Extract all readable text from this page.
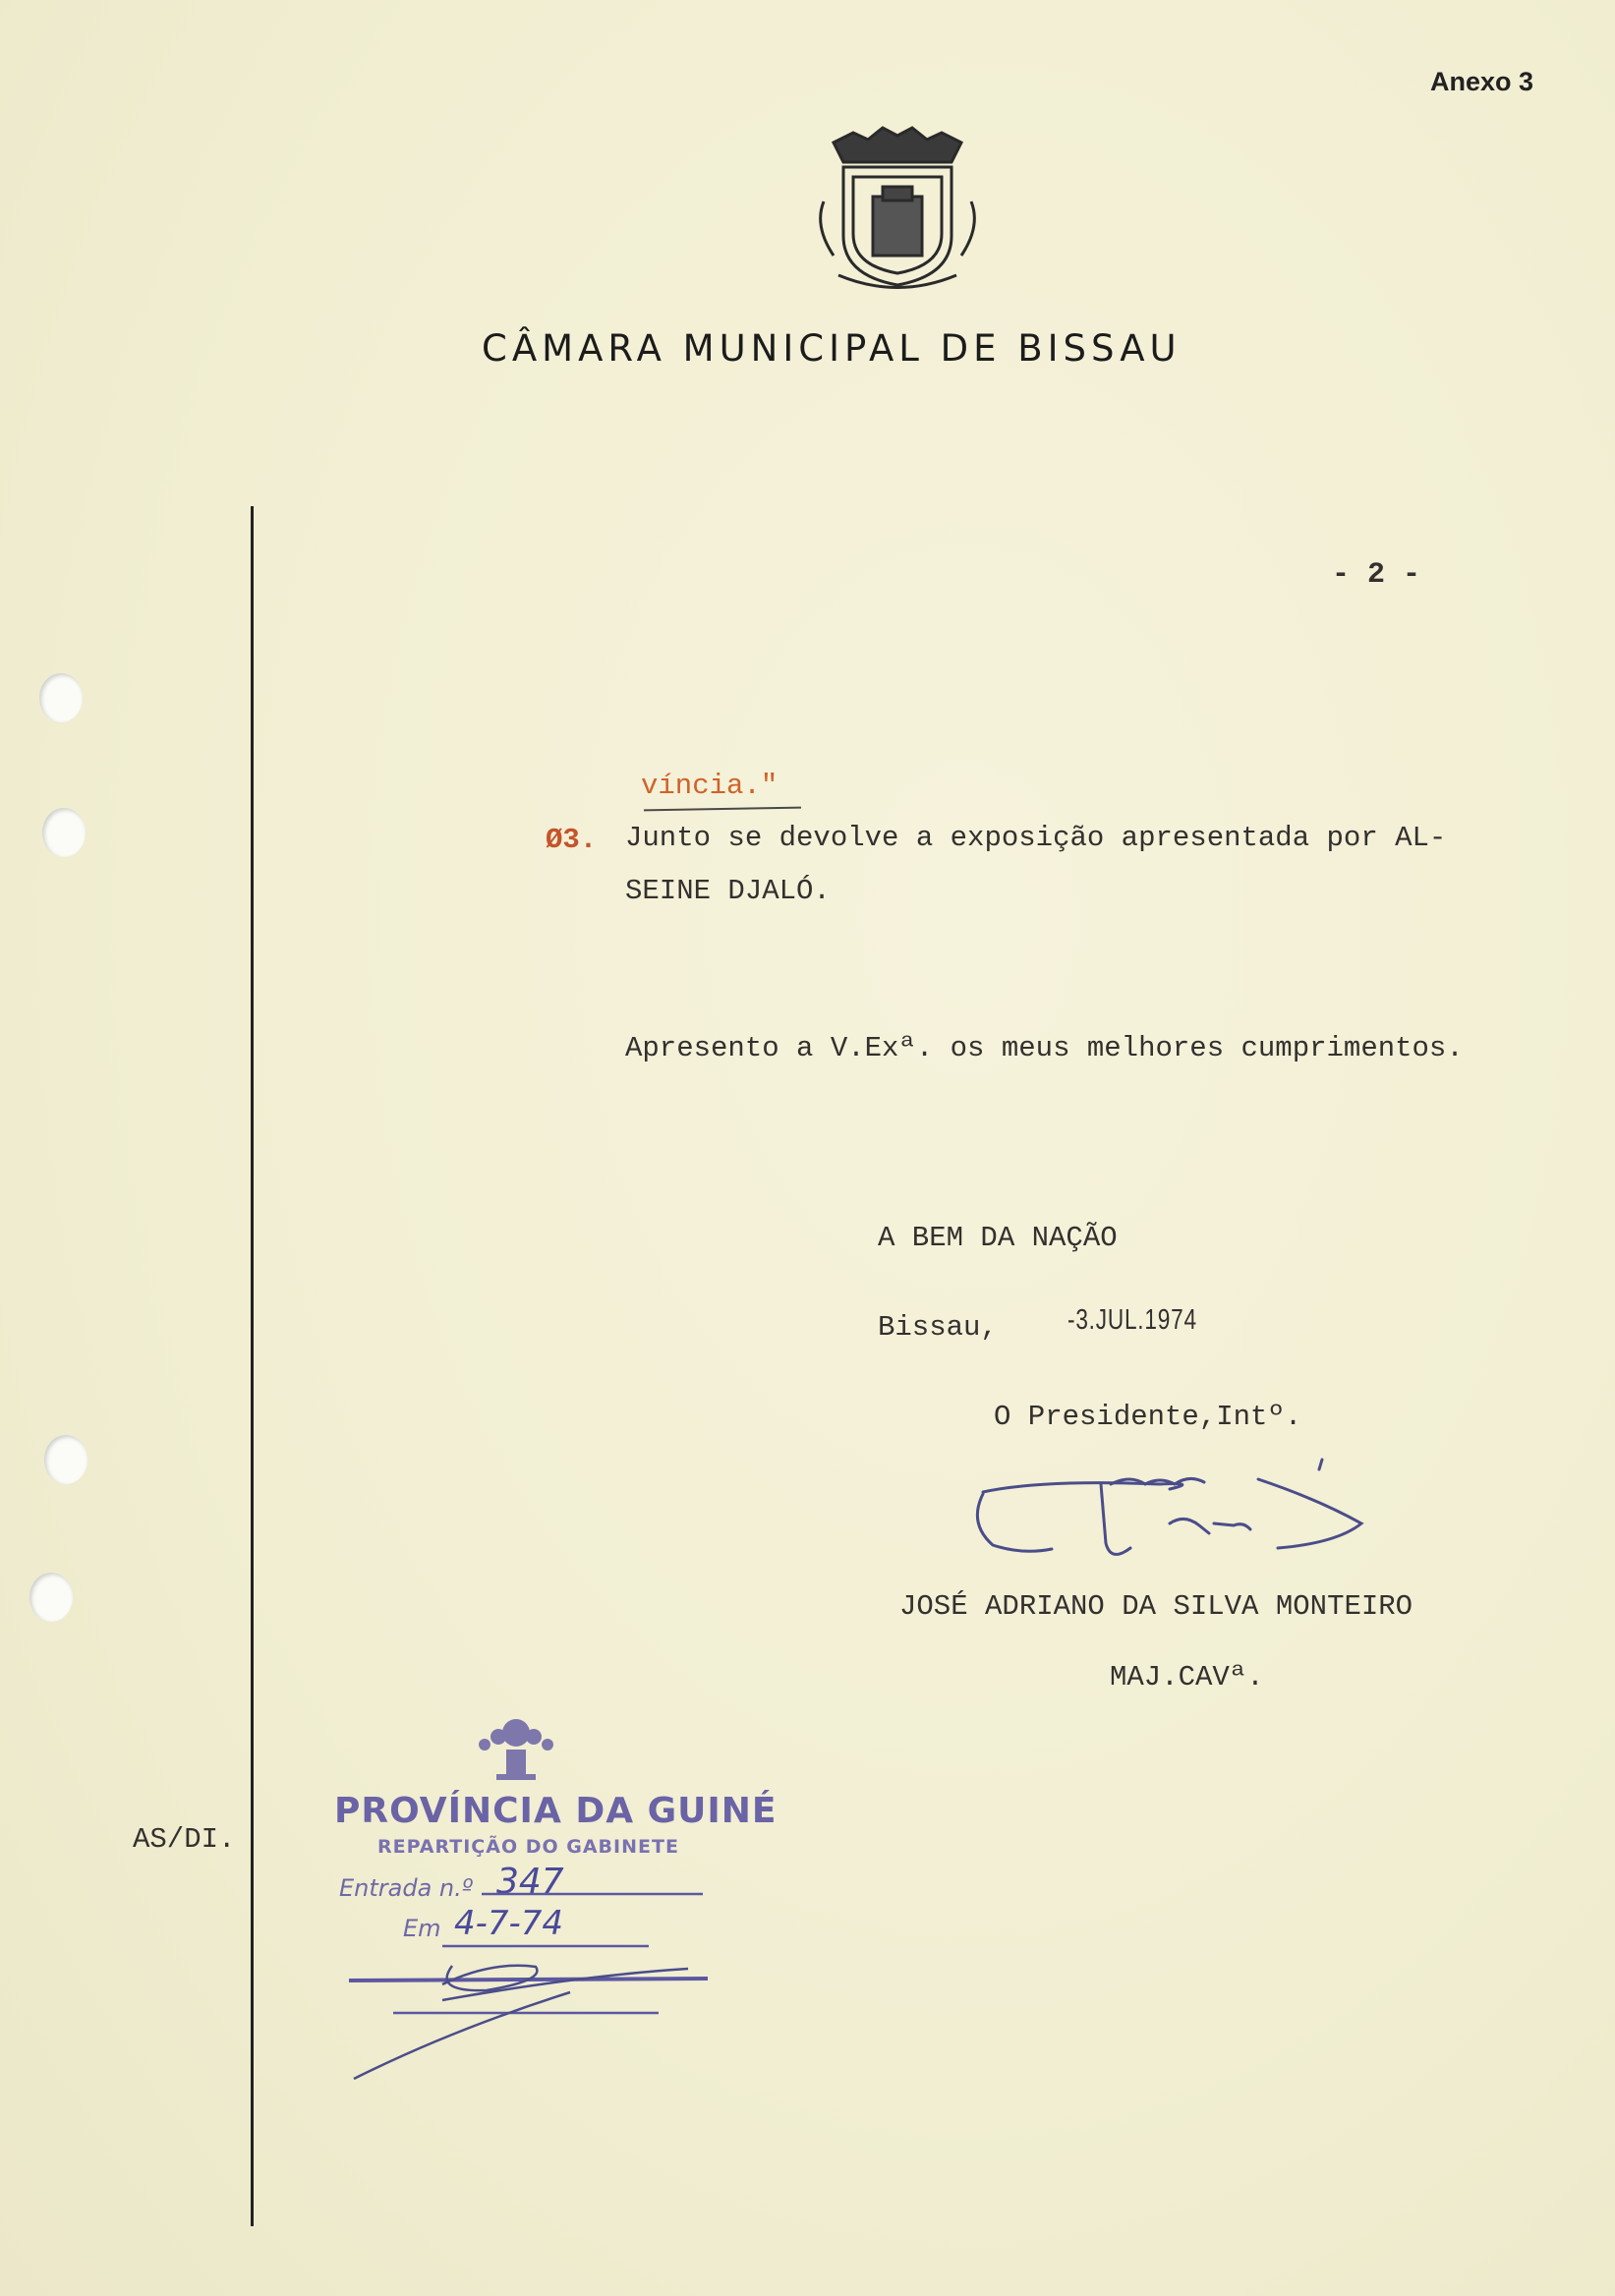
Anexo 3
CÂMARA MUNICIPAL DE BISSAU
- 2 -
víncia."
Ø3. Junto se devolve a exposição apresentada por AL-
SEINE DJALÓ.
Apresento a V.Exª. os meus melhores cumprimentos.
A BEM DA NAÇÃO
Bissau, -3.JUL.1974
O Presidente,Intº.
JOSÉ ADRIANO DA SILVA MONTEIRO
MAJ.CAVª.
AS/DI.
PROVÍNCIA DA GUINÉ
REPARTIÇÃO DO GABINETE
Entrada n.º 347
Em 4-7-74
